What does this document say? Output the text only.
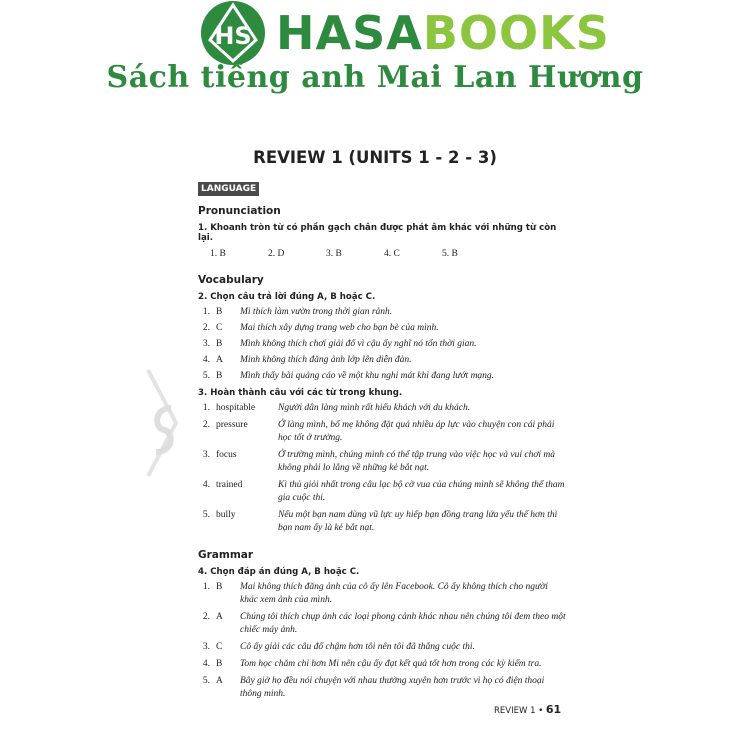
HS HASABOOKS
Sách tiếng anh Mai Lan Hương
REVIEW 1 (UNITS 1 - 2 - 3)
LANGUAGE
Pronunciation
1. Khoanh tròn từ có phần gạch chân được phát âm khác với những từ còn lại.
1. B	2. D	3. B	4. C	5. B
Vocabulary
2. Chọn câu trả lời đúng A, B hoặc C.
1. B	Mi thích làm vườn trong thời gian rảnh.
2. C	Mai thích xây dựng trang web cho bạn bè của mình.
3. B	Mình không thích chơi giải đố vì cậu ấy nghĩ nó tốn thời gian.
4. A	Minh không thích đăng ảnh lớp lên diễn đàn.
5. B	Mình thấy bài quảng cáo về một khu nghỉ mát khi đang lướt mạng.
3. Hoàn thành câu với các từ trong khung.
1. hospitable	Người dân làng mình rất hiếu khách với du khách.
2. pressure	Ở làng mình, bố mẹ không đặt quá nhiều áp lực vào chuyện con cái phải học tốt ở trường.
3. focus	Ở trường mình, chúng mình có thể tập trung vào việc học và vui chơi mà không phải lo lắng về những kẻ bắt nạt.
4. trained	Kì thủ giỏi nhất trong câu lạc bộ cờ vua của chúng mình sẽ không thể tham gia cuộc thi.
5. bully	Nếu một bạn nam dùng vũ lực uy hiếp bạn đồng trang lứa yếu thế hơn thì bạn nam ấy là kẻ bắt nạt.
Grammar
4. Chọn đáp án đúng A, B hoặc C.
1. B	Mai không thích đăng ảnh của cô ấy lên Facebook. Cô ấy không thích cho người khác xem ảnh của mình.
2. A	Chúng tôi thích chụp ảnh các loại phong cảnh khác nhau nên chúng tôi đem theo một chiếc máy ảnh.
3. C	Cô ấy giải các câu đố chậm hơn tôi nên tôi đã thắng cuộc thi.
4. B	Tom học chăm chỉ hơn Mi nên cậu ấy đạt kết quả tốt hơn trong các kỳ kiểm tra.
5. A	Bây giờ họ đều nói chuyện với nhau thường xuyên hơn trước vì họ có điện thoại thông minh.
REVIEW 1 • 61
